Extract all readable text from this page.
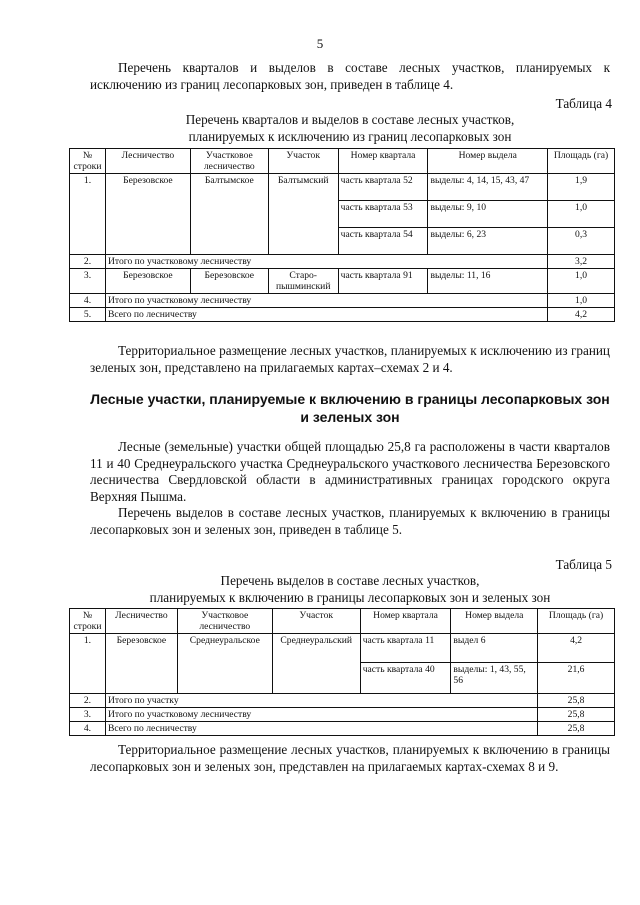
5
Перечень кварталов и выделов в составе лесных участков, планируемых к исключению из границ лесопарковых зон, приведен в таблице 4.
Таблица 4
Перечень кварталов и выделов в составе лесных участков,
планируемых к исключению из границ лесопарковых зон
№ строки	Лесничество	Участковое лесничество	Участок	Номер квартала	Номер выдела	Площадь (га)
1.	Березовское	Балтымское	Балтымский	часть квартала 52	выделы: 4, 14, 15, 43, 47	1,9
				часть квартала 53	выделы: 9, 10	1,0
				часть квартала 54	выделы: 6, 23	0,3
2.	Итого по участковому лесничеству					3,2
3.	Березовское	Березовское	Старо- пышминский	часть квартала 91	выделы: 11, 16	1,0
4.	Итого по участковому лесничеству					1,0
5.	Всего по лесничеству					4,2
Территориальное размещение лесных участков, планируемых к исключению из границ зеленых зон, представлено на прилагаемых картах–схемах 2 и 4.
Лесные участки, планируемые к включению в границы лесопарковых зон
и зеленых зон
Лесные (земельные) участки общей площадью 25,8 га расположены в части кварталов 11 и 40 Среднеуральского участка Среднеуральского участкового лесничества Березовского лесничества Свердловской области в административных границах городского округа Верхняя Пышма.
Перечень выделов в составе лесных участков, планируемых к включению в границы лесопарковых зон и зеленых зон, приведен в таблице 5.
Таблица 5
Перечень выделов в составе лесных участков,
планируемых к включению в границы лесопарковых зон и зеленых зон
№ строки	Лесничество	Участковое лесничество	Участок	Номер квартала	Номер выдела	Площадь (га)
1.	Березовское	Среднеуральское	Среднеуральский	часть квартала 11	выдел 6	4,2
				часть квартала 40	выделы: 1, 43, 55, 56	21,6
2.	Итого по участку					25,8
3.	Итого по участковому лесничеству					25,8
4.	Всего по лесничеству					25,8
Территориальное размещение лесных участков, планируемых к включению в границы лесопарковых зон и зеленых зон, представлен на прилагаемых картах-схемах 8 и 9.
